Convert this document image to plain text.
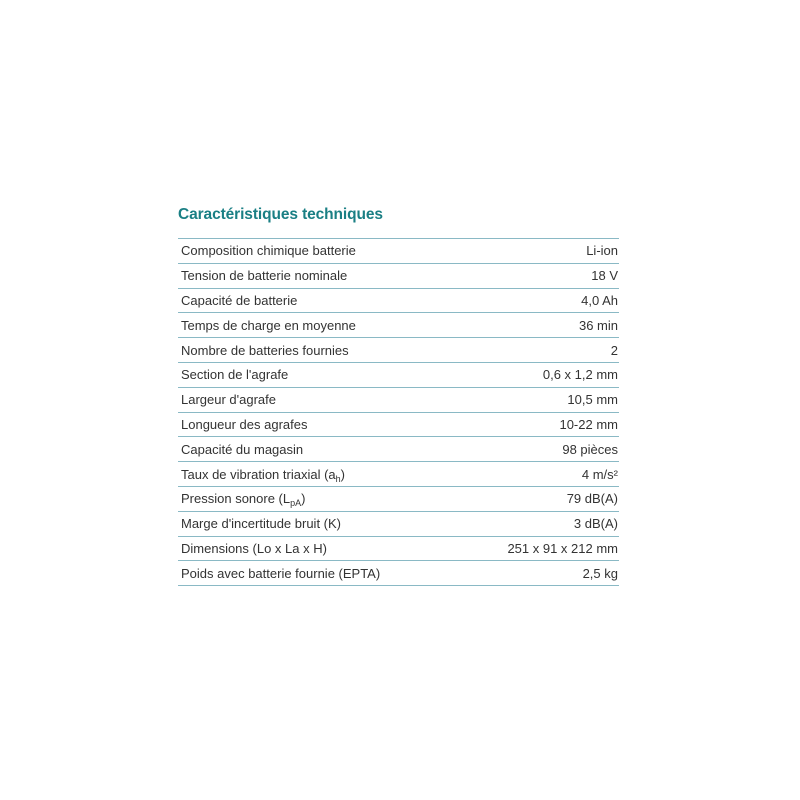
Caractéristiques techniques
Composition chimique batterie	Li-ion
Tension de batterie nominale	18 V
Capacité de batterie	4,0 Ah
Temps de charge en moyenne	36 min
Nombre de batteries fournies	2
Section de l'agrafe	0,6 x 1,2 mm
Largeur d'agrafe	10,5 mm
Longueur des agrafes	10-22 mm
Capacité du magasin	98 pièces
Taux de vibration triaxial $(a_h)$	4 m/s²
Pression sonore $(L_{pA})$	79 dB(A)
Marge d'incertitude bruit (K)	3 dB(A)
Dimensions (Lo x La x H)	251 x 91 x 212 mm
Poids avec batterie fournie (EPTA)	2,5 kg
